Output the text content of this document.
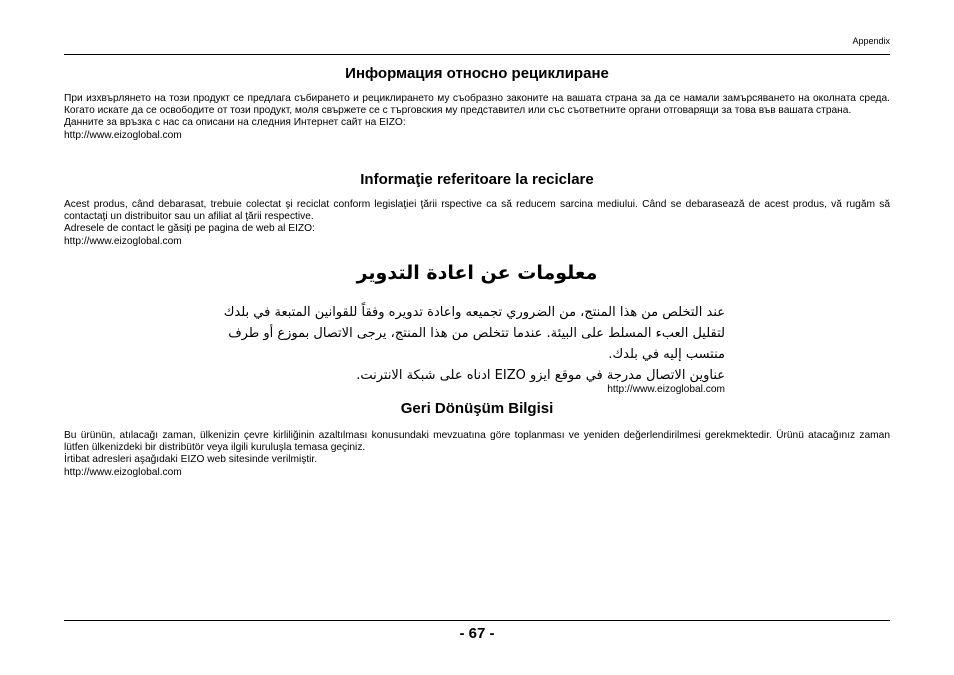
Appendix
Информация относно рециклиране

При изхвърлянето на този продукт се предлага събирането и рециклирането му съобразно законите на вашата страна за да се намали замърсяването на околната среда. Когато искате да се освободите от този продукт, моля свържете се с търговския му представител или със съответните органи отговарящи за това във вашата страна.

Данните за връзка с нас са описани на следния Интернет сайт на EIZO:

http://www.eizoglobal.com

Informaţie referitoare la reciclare

Acest produs, când debarasat, trebuie colectat şi reciclat conform legislaţiei ţării rspective ca să reducem sarcina mediului. Când se debarasează de acest produs, vă rugăm să contactaţi un distribuitor sau un afiliat al ţării respective.

Adresele de contact le găsiţi pe pagina de web al EIZO:

http://www.eizoglobal.com

معلومات عن اعادة التدوير

عند التخلص من هذا المنتج، من الضروري تجميعه واعادة تدويره وفقاً للقوانين المتبعة في بلدك لتقليل العبء المسلط على البيئة. عندما تتخلص من هذا المنتج، يرجى الاتصال بموزع أو طرف منتسب إليه في بلدك.

عناوين الاتصال مدرجة في موقع ايزو EIZO ادناه على شبكة الانترنت.

http://www.eizoglobal.com

Geri Dönüşüm Bilgisi

Bu ürünün, atılacağı zaman, ülkenizin çevre kirliliğinin azaltılması konusundaki mevzuatına göre toplanması ve yeniden değerlendirilmesi gerekmektedir. Ürünü atacağınız zaman lütfen ülkenizdeki bir distribütör veya ilgili kuruluşla temasa geçiniz.

İrtibat adresleri aşağıdaki EIZO web sitesinde verilmiştir.

http://www.eizoglobal.com

- 67 -
